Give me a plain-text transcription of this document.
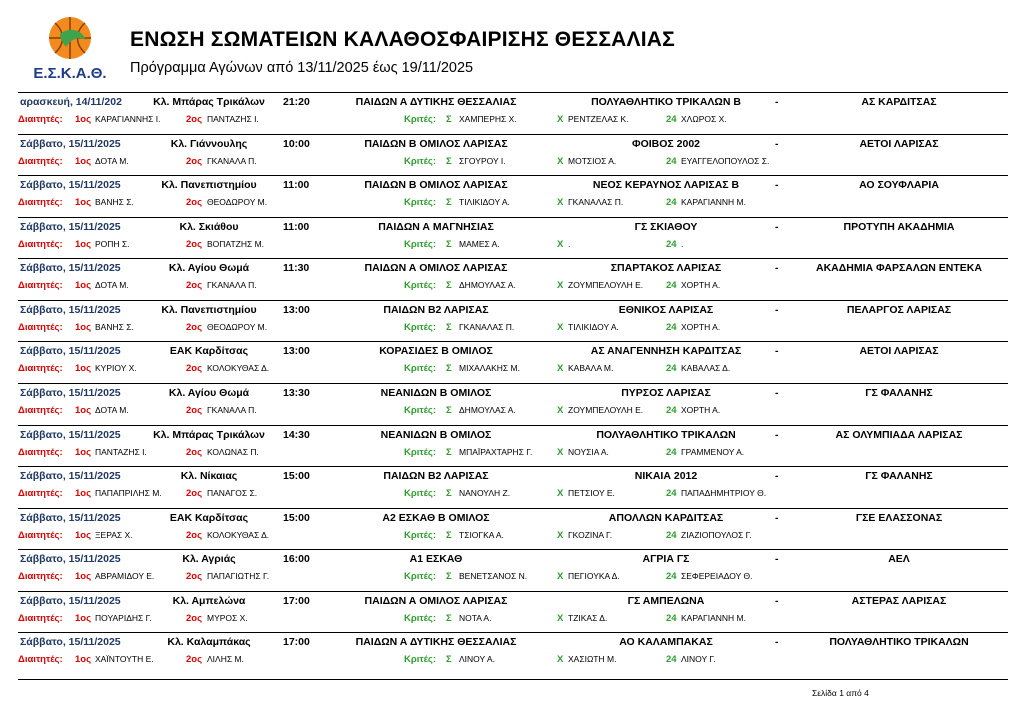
Ε.Σ.Κ.Α.Θ.
ΕΝΩΣΗ ΣΩΜΑΤΕΙΩΝ ΚΑΛΑΘΟΣΦΑΙΡΙΣΗΣ ΘΕΣΣΑΛΙΑΣ
Πρόγραμμα Αγώνων από 13/11/2025 έως 19/11/2025
αρασκευή, 14/11/202	Κλ. Μπάρας Τρικάλων	21:20	ΠΑΙΔΩΝ Α ΔΥΤΙΚΗΣ ΘΕΣΣΑΛΙΑΣ	ΠΟΛΥΑΘΛΗΤΙΚΟ ΤΡΙΚΑΛΩΝ Β	-	ΑΣ ΚΑΡΔΙΤΣΑΣ
Διαιτητές: 1ος ΚΑΡΑΓΙΑΝΝΗΣ Ι.	2ος ΠΑΝΤΑΖΗΣ Ι.	Κριτές: Σ ΧΑΜΠΕΡΗΣ Χ.	Χ ΡΕΝΤΖΕΛΑΣ Κ.	24 ΧΛΩΡΟΣ Χ.
Σάββατο, 15/11/2025	Κλ. Γιάννουλης	10:00	ΠΑΙΔΩΝ Β ΟΜΙΛΟΣ ΛΑΡΙΣΑΣ	ΦΟΙΒΟΣ 2002	-	ΑΕΤΟΙ ΛΑΡΙΣΑΣ
Διαιτητές: 1ος ΔΟΤΑ Μ.	2ος ΓΚΑΝΑΛΑ Π.	Κριτές: Σ ΣΓΟΥΡΟΥ Ι.	Χ ΜΟΤΣΙΟΣ Α.	24 ΕΥΑΓΓΕΛΟΠΟΥΛΟΣ Σ.
Σάββατο, 15/11/2025	Κλ. Πανεπιστημίου	11:00	ΠΑΙΔΩΝ Β ΟΜΙΛΟΣ ΛΑΡΙΣΑΣ	ΝΕΟΣ ΚΕΡΑΥΝΟΣ ΛΑΡΙΣΑΣ Β	-	ΑΟ ΣΟΥΦΛΑΡΙΑ
Διαιτητές: 1ος ΒΑΝΗΣ Σ.	2ος ΘΕΟΔΩΡΟΥ Μ.	Κριτές: Σ ΤΙΛΙΚΙΔΟΥ Α.	Χ ΓΚΑΝΑΛΑΣ Π.	24 ΚΑΡΑΓΙΑΝΝΗ Μ.
Σάββατο, 15/11/2025	Κλ. Σκιάθου	11:00	ΠΑΙΔΩΝ Α ΜΑΓΝΗΣΙΑΣ	ΓΣ ΣΚΙΑΘΟΥ	-	ΠΡΟΤΥΠΗ ΑΚΑΔΗΜΙΑ
Διαιτητές: 1ος ΡΟΠΗ Σ.	2ος ΒΟΠΑΤΖΗΣ Μ.	Κριτές: Σ ΜΑΜΕΣ Α.	Χ .	24 .
Σάββατο, 15/11/2025	Κλ. Αγίου Θωμά	11:30	ΠΑΙΔΩΝ Α ΟΜΙΛΟΣ ΛΑΡΙΣΑΣ	ΣΠΑΡΤΑΚΟΣ ΛΑΡΙΣΑΣ	-	ΑΚΑΔΗΜΙΑ ΦΑΡΣΑΛΩΝ ΕΝΤΕΚΑ
Διαιτητές: 1ος ΔΟΤΑ Μ.	2ος ΓΚΑΝΑΛΑ Π.	Κριτές: Σ ΔΗΜΟΥΛΑΣ Α.	Χ ΖΟΥΜΠΕΛΟΥΛΗ Ε.	24 ΧΟΡΤΗ Α.
Σάββατο, 15/11/2025	Κλ. Πανεπιστημίου	13:00	ΠΑΙΔΩΝ Β2 ΛΑΡΙΣΑΣ	ΕΘΝΙΚΟΣ ΛΑΡΙΣΑΣ	-	ΠΕΛΑΡΓΟΣ ΛΑΡΙΣΑΣ
Διαιτητές: 1ος ΒΑΝΗΣ Σ.	2ος ΘΕΟΔΩΡΟΥ Μ.	Κριτές: Σ ΓΚΑΝΑΛΑΣ Π.	Χ ΤΙΛΙΚΙΔΟΥ Α.	24 ΧΟΡΤΗ Α.
Σάββατο, 15/11/2025	ΕΑΚ Καρδίτσας	13:00	ΚΟΡΑΣΙΔΕΣ Β ΟΜΙΛΟΣ	ΑΣ ΑΝΑΓΕΝΝΗΣΗ ΚΑΡΔΙΤΣΑΣ	-	ΑΕΤΟΙ ΛΑΡΙΣΑΣ
Διαιτητές: 1ος ΚΥΡΙΟΥ Χ.	2ος ΚΟΛΟΚΥΘΑΣ Δ.	Κριτές: Σ ΜΙΧΑΛΑΚΗΣ Μ.	Χ ΚΑΒΑΛΑ Μ.	24 ΚΑΒΑΛΑΣ Δ.
Σάββατο, 15/11/2025	Κλ. Αγίου Θωμά	13:30	ΝΕΑΝΙΔΩΝ Β ΟΜΙΛΟΣ	ΠΥΡΣΟΣ ΛΑΡΙΣΑΣ	-	ΓΣ ΦΑΛΑΝΗΣ
Διαιτητές: 1ος ΔΟΤΑ Μ.	2ος ΓΚΑΝΑΛΑ Π.	Κριτές: Σ ΔΗΜΟΥΛΑΣ Α.	Χ ΖΟΥΜΠΕΛΟΥΛΗ Ε.	24 ΧΟΡΤΗ Α.
Σάββατο, 15/11/2025	Κλ. Μπάρας Τρικάλων	14:30	ΝΕΑΝΙΔΩΝ Β ΟΜΙΛΟΣ	ΠΟΛΥΑΘΛΗΤΙΚΟ ΤΡΙΚΑΛΩΝ	-	ΑΣ ΟΛΥΜΠΙΑΔΑ ΛΑΡΙΣΑΣ
Διαιτητές: 1ος ΠΑΝΤΑΖΗΣ Ι.	2ος ΚΟΛΩΝΑΣ Π.	Κριτές: Σ ΜΠΑΪΡΑΧΤΑΡΗΣ Γ.	Χ ΝΟΥΣΙΑ Α.	24 ΓΡΑΜΜΕΝΟΥ Α.
Σάββατο, 15/11/2025	Κλ. Νίκαιας	15:00	ΠΑΙΔΩΝ Β2 ΛΑΡΙΣΑΣ	ΝΙΚΑΙΑ 2012	-	ΓΣ ΦΑΛΑΝΗΣ
Διαιτητές: 1ος ΠΑΠΑΠΡΙΛΗΣ Μ.	2ος ΠΑΝΑΓΟΣ Σ.	Κριτές: Σ ΝΑΝΟΥΛΗ Ζ.	Χ ΠΕΤΣΙΟΥ Ε.	24 ΠΑΠΑΔΗΜΗΤΡΙΟΥ Θ.
Σάββατο, 15/11/2025	ΕΑΚ Καρδίτσας	15:00	Α2 ΕΣΚΑΘ Β ΟΜΙΛΟΣ	ΑΠΟΛΛΩΝ ΚΑΡΔΙΤΣΑΣ	-	ΓΣΕ ΕΛΑΣΣΟΝΑΣ
Διαιτητές: 1ος ΞΕΡΑΣ Χ.	2ος ΚΟΛΟΚΥΘΑΣ Δ.	Κριτές: Σ ΤΣΙΟΓΚΑ Α.	Χ ΓΚΟΖΙΝΑ Γ.	24 ΖΙΑΖΙΟΠΟΥΛΟΣ Γ.
Σάββατο, 15/11/2025	Κλ. Αγριάς	16:00	Α1 ΕΣΚΑΘ	ΑΓΡΙΑ ΓΣ	-	ΑΕΛ
Διαιτητές: 1ος ΑΒΡΑΜΙΔΟΥ Ε.	2ος ΠΑΠΑΓΙΩΤΗΣ Γ.	Κριτές: Σ ΒΕΝΕΤΣΑΝΟΣ Ν.	Χ ΠΕΓΙΟΥΚΑ Δ.	24 ΣΕΦΕΡΕΙΑΔΟΥ Θ.
Σάββατο, 15/11/2025	Κλ. Αμπελώνα	17:00	ΠΑΙΔΩΝ Α ΟΜΙΛΟΣ ΛΑΡΙΣΑΣ	ΓΣ ΑΜΠΕΛΩΝΑ	-	ΑΣΤΕΡΑΣ ΛΑΡΙΣΑΣ
Διαιτητές: 1ος ΠΟΥΑΡΙΔΗΣ Γ.	2ος ΜΥΡΟΣ Χ.	Κριτές: Σ ΝΟΤΑ Α.	Χ ΤΖΙΚΑΣ Δ.	24 ΚΑΡΑΓΙΑΝΝΗ Μ.
Σάββατο, 15/11/2025	Κλ. Καλαμπάκας	17:00	ΠΑΙΔΩΝ Α ΔΥΤΙΚΗΣ ΘΕΣΣΑΛΙΑΣ	ΑΟ ΚΑΛΑΜΠΑΚΑΣ	-	ΠΟΛΥΑΘΛΗΤΙΚΟ ΤΡΙΚΑΛΩΝ
Διαιτητές: 1ος ΧΑΪΝΤΟΥΤΗ Ε.	2ος ΛΙΛΗΣ Μ.	Κριτές: Σ ΛΙΝΟΥ Α.	Χ ΧΑΣΙΩΤΗ Μ.	24 ΛΙΝΟΥ Γ.
Σελίδα 1 από 4
